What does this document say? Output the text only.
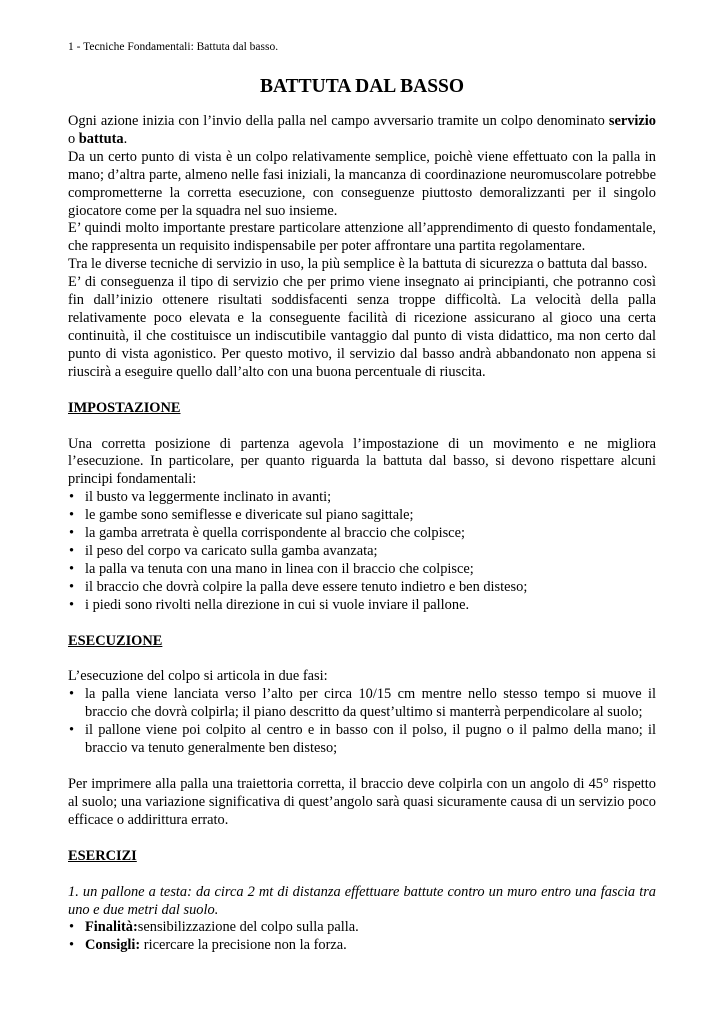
1 - Tecniche Fondamentali: Battuta dal basso.
BATTUTA DAL BASSO

Ogni azione inizia con l’invio della palla nel campo avversario tramite un colpo denominato servizio o battuta.

Da un certo punto di vista è un colpo relativamente semplice, poichè viene effettuato con la palla in mano; d’altra parte, almeno nelle fasi iniziali, la mancanza di coordinazione neuromuscolare potrebbe comprometterne la corretta esecuzione, con conseguenze piuttosto demoralizzanti per il singolo giocatore come per la squadra nel suo insieme.

E’ quindi molto importante prestare particolare attenzione all’apprendimento di questo fondamentale, che rappresenta un requisito indispensabile per poter affrontare una partita regolamentare.

Tra le diverse tecniche di servizio in uso, la più semplice è la battuta di sicurezza o battuta dal basso.

E’ di conseguenza il tipo di servizio che per primo viene insegnato ai principianti, che potranno così fin dall’inizio ottenere risultati soddisfacenti senza troppe difficoltà. La velocità della palla relativamente poco elevata e la conseguente facilità di ricezione assicurano al gioco una certa continuità, il che costituisce un indiscutibile vantaggio dal punto di vista didattico, ma non certo dal punto di vista agonistico. Per questo motivo, il servizio dal basso andrà abbandonato non appena si riuscirà a eseguire quello dall’alto con una buona percentuale di riuscita.

IMPOSTAZIONE

Una corretta posizione di partenza agevola l’impostazione di un movimento e ne migliora l’esecuzione. In particolare, per quanto riguarda la battuta dal basso, si devono rispettare alcuni principi fondamentali:

• il busto va leggermente inclinato in avanti;
• le gambe sono semiflesse e divericate sul piano sagittale;
• la gamba arretrata è quella corrispondente al braccio che colpisce;
• il peso del corpo va caricato sulla gamba avanzata;
• la palla va tenuta con una mano in linea con il braccio che colpisce;
• il braccio che dovrà colpire la palla deve essere tenuto indietro e ben disteso;
• i piedi sono rivolti nella direzione in cui si vuole inviare il pallone.
ESECUZIONE

L’esecuzione del colpo si articola in due fasi:

• la palla viene lanciata verso l’alto per circa 10/15 cm mentre nello stesso tempo si muove il braccio che dovrà colpirla; il piano descritto da quest’ultimo si manterrà perpendicolare al suolo;
• il pallone viene poi colpito al centro e in basso con il polso, il pugno o il palmo della mano; il braccio va tenuto generalmente ben disteso;

Per imprimere alla palla una traiettoria corretta, il braccio deve colpirla con un angolo di 45° rispetto al suolo; una variazione significativa di quest’angolo sarà quasi sicuramente causa di un servizio poco efficace o addirittura errato.

ESERCIZI

1. un pallone a testa: da circa 2 mt di distanza effettuare battute contro un muro entro una fascia tra uno e due metri dal suolo.

• Finalità:sensibilizzazione del colpo sulla palla.
• Consigli: ricercare la precisione non la forza.
